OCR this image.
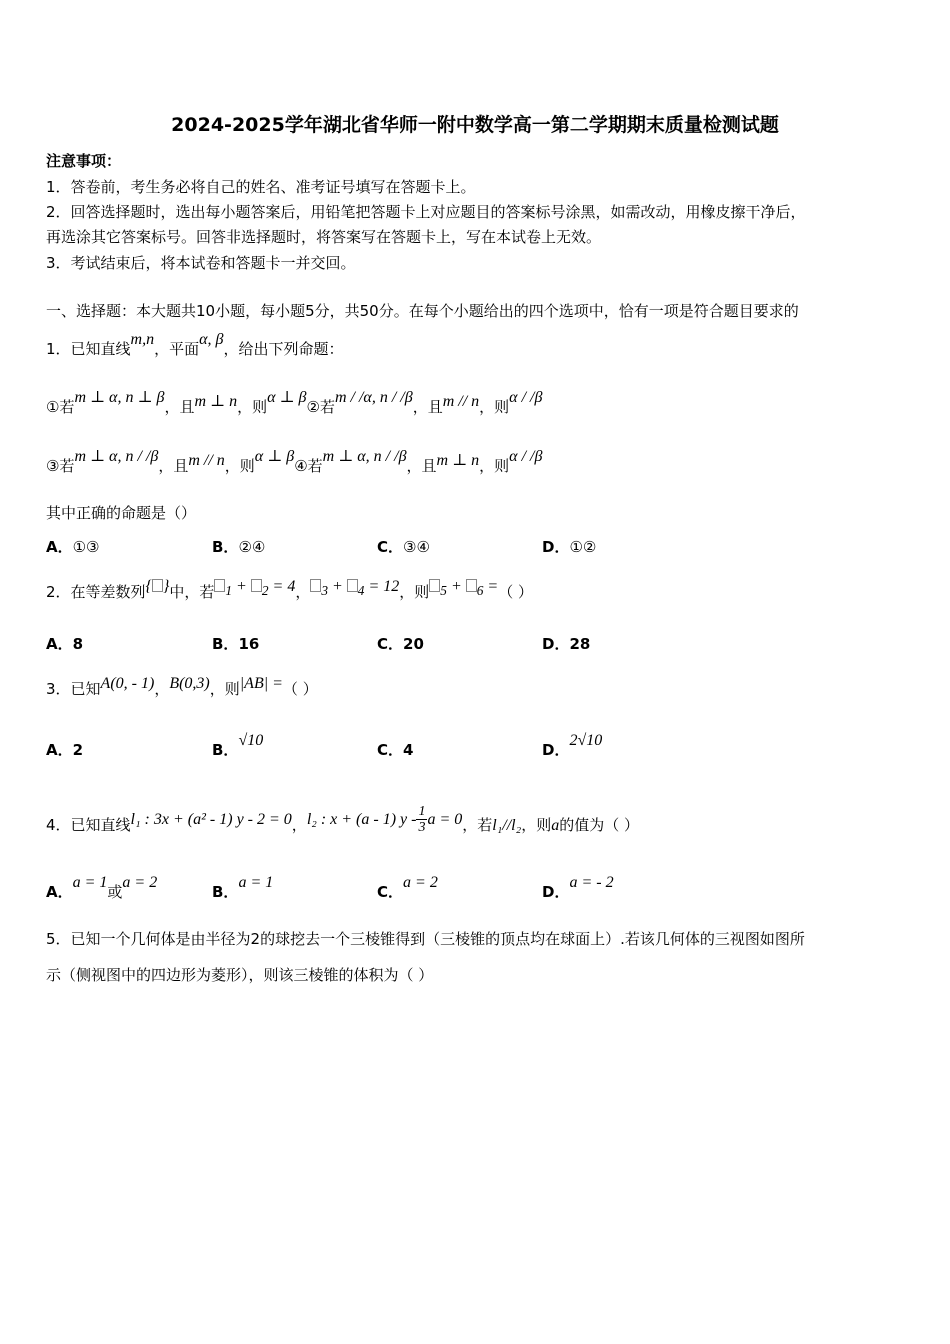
2024-2025学年湖北省华师一附中数学高一第二学期期末质量检测试题
注意事项：
1．答卷前，考生务必将自己的姓名、准考证号填写在答题卡上。
2．回答选择题时，选出每小题答案后，用铅笔把答题卡上对应题目的答案标号涂黑，如需改动，用橡皮擦干净后，
再选涂其它答案标号。回答非选择题时，将答案写在答题卡上，写在本试卷上无效。
3．考试结束后，将本试卷和答题卡一并交回。
一、选择题：本大题共10小题，每小题5分，共50分。在每个小题给出的四个选项中，恰有一项是符合题目要求的
1．已知直线m,n，平面α, β，给出下列命题：
①若m ⊥ α, n ⊥ β，且m ⊥ n，则α ⊥ β②若m / /α, n / /β，且m // n，则α / /β
③若m ⊥ α, n / /β，且m // n，则α ⊥ β④若m ⊥ α, n / /β，且m ⊥ n，则α / /β
其中正确的命题是（）
A．①③	B．②④	C．③④	D．①②
2．在等差数列{ }中，若 $_1$ + $_2$ = 4， $_3$ + $_4$ = 12，则 $_5$ + $_6$ =（ ）
A．8	B．16	C．20	D．28
3．已知A(0, - 1)，B(0,3)，则|AB| =（ ）
A．2	B．√10
C．4	D．2√10
4．已知直线l₁ : 3x + (a² - 1) y - 2 = 0，l₂ : x + (a - 1) y - $\frac{1}{3}$ a = 0，若l₁//l₂，则a的值为（ ）
A．a = 1或a = 2
B．a = 1
C．a = 2
D．a = - 2
5．已知一个几何体是由半径为2的球挖去一个三棱锥得到（三棱锥的顶点均在球面上）.若该几何体的三视图如图所
示（侧视图中的四边形为菱形），则该三棱锥的体积为（ ）
